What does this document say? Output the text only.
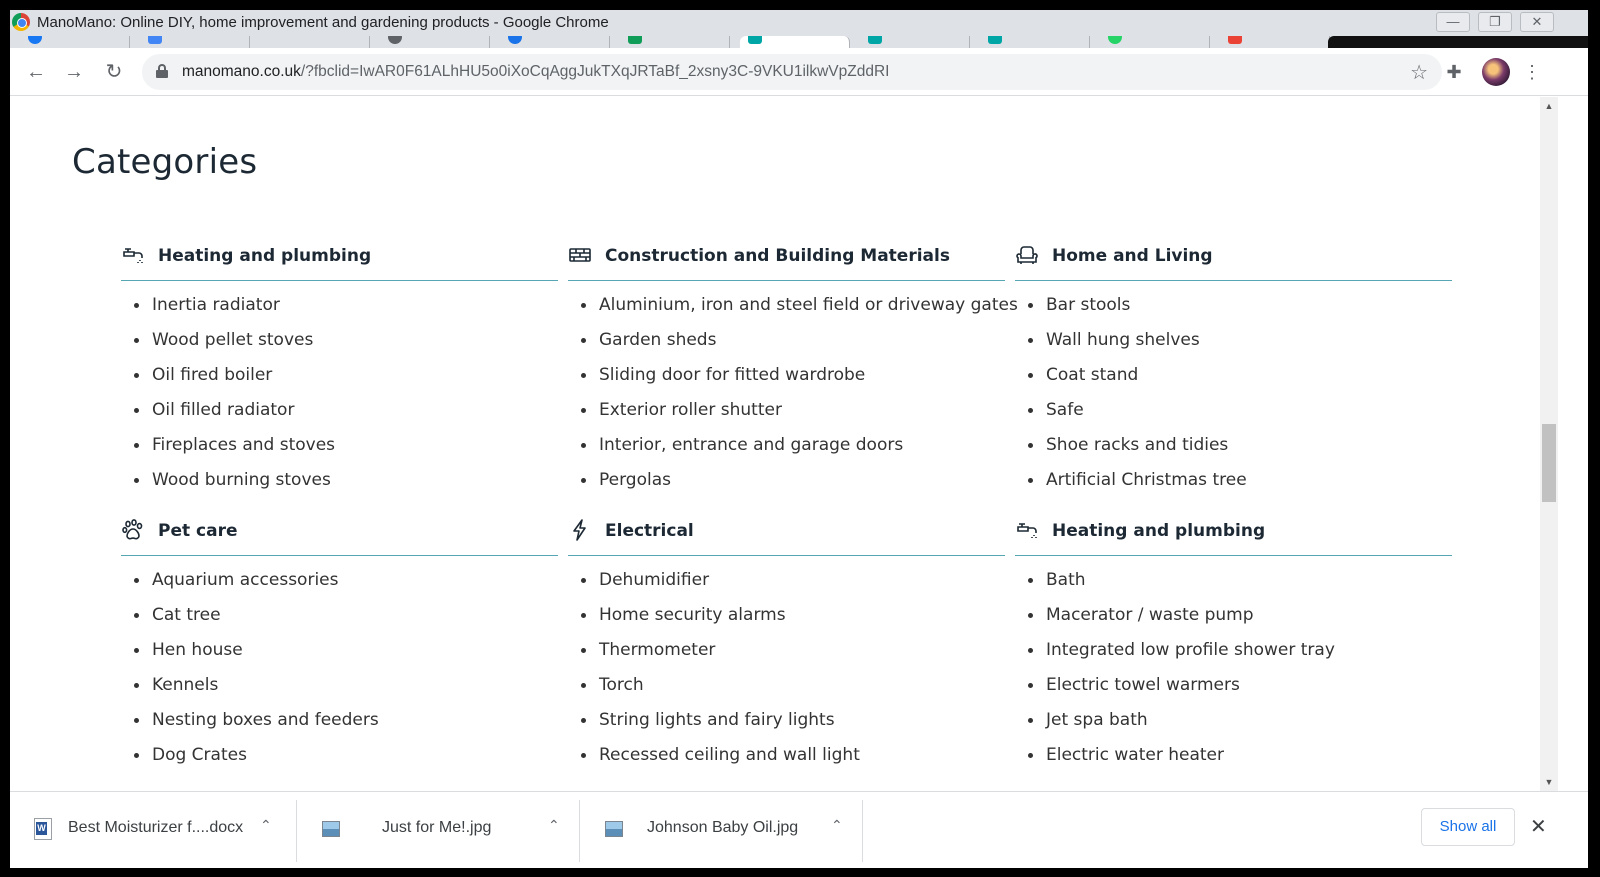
ManoMano: Online DIY, home improvement and gardening products - Google Chrome	—	❐	✕
← → ↻	manomano.co.uk/?fbclid=IwAR0F61ALhHU5o0iXoCqAggJukTXqJRTaBf_2xsny3C-9VKU1ilkwVpZddRI	☆ ✚	⋮
Categories
Heating and plumbing
Inertia radiator
Wood pellet stoves
Oil fired boiler
Oil filled radiator
Fireplaces and stoves
Wood burning stoves
Construction and Building Materials
Aluminium, iron and steel field or driveway gates
Garden sheds
Sliding door for fitted wardrobe
Exterior roller shutter
Interior, entrance and garage doors
Pergolas
Home and Living
Bar stools
Wall hung shelves
Coat stand
Safe
Shoe racks and tidies
Artificial Christmas tree
Pet care
Aquarium accessories
Cat tree
Hen house
Kennels
Nesting boxes and feeders
Dog Crates
Electrical
Dehumidifier
Home security alarms
Thermometer
Torch
String lights and fairy lights
Recessed ceiling and wall light
Heating and plumbing
Bath
Macerator / waste pump
Integrated low profile shower tray
Electric towel warmers
Jet spa bath
Electric water heater
▲
▼
W
Best Moisturizer f....docx ⌃	Just for Me!.jpg	⌃	Johnson Baby Oil.jpg ⌃	Show all	✕
